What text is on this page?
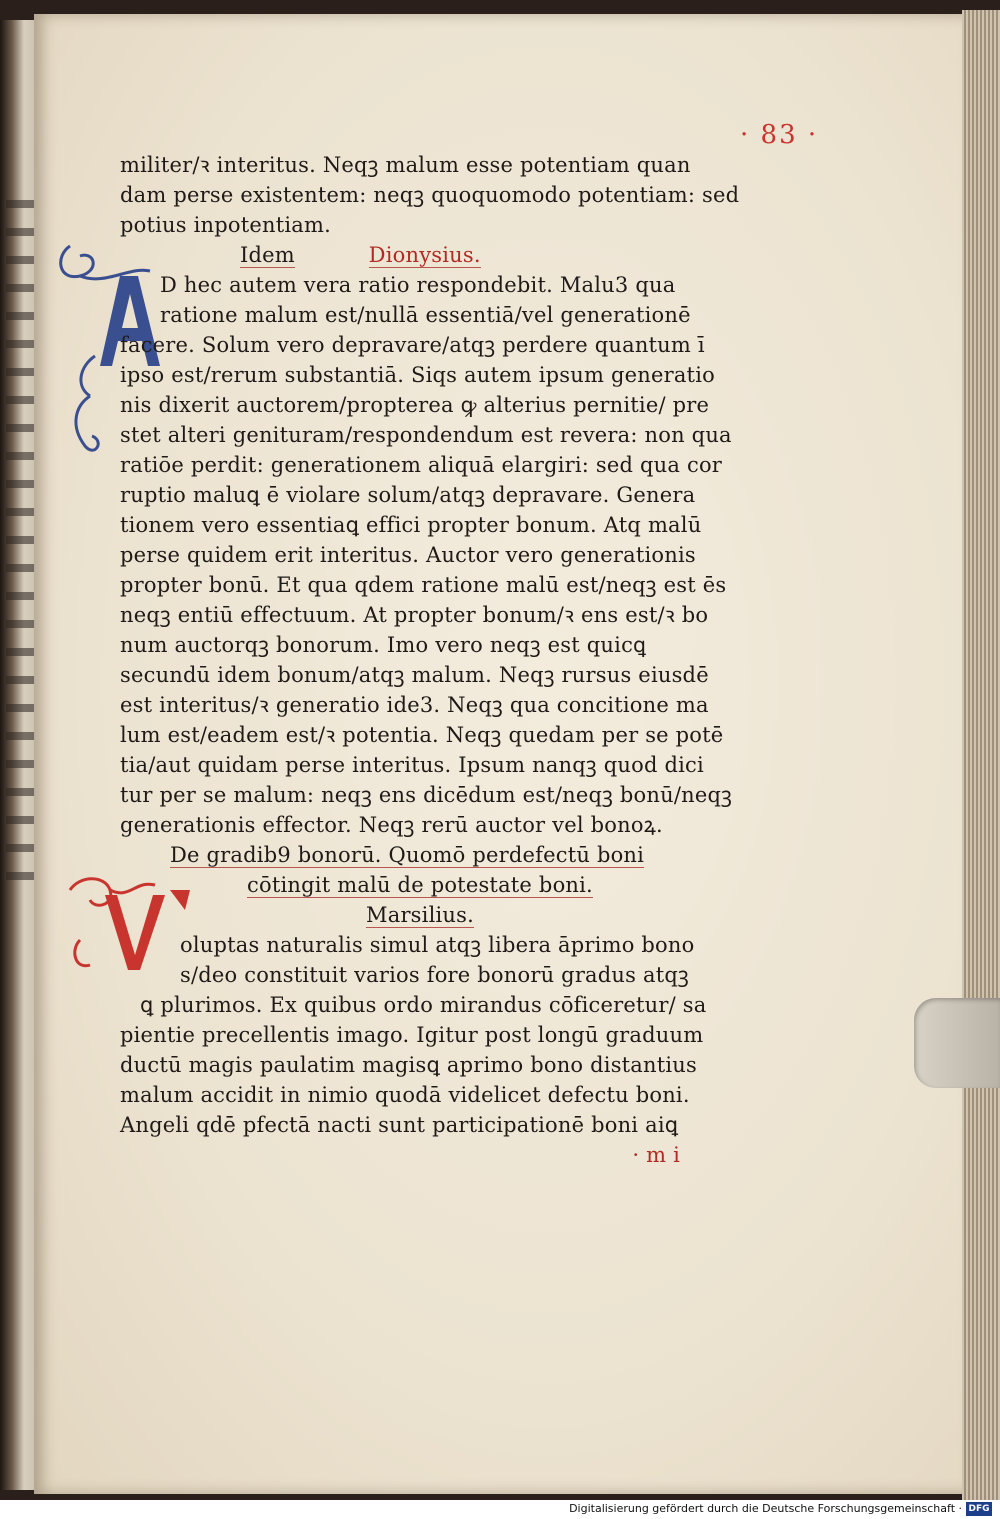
· 83 ·
militer/ꝛ interitus. Neqꝫ malum esse potentiam quan
dam perse existentem: neqꝫ quoquomodo potentiam: sed
potius inpotentiam.
Idem	Dionysius.
D hec autem vera ratio respondebit. Malu3 qua
ratione malum est/nullā essentiā/vel generationē
facere. Solum vero depravare/atqꝫ perdere quantum ī
ipso est/rerum substantiā. Siqs autem ipsum generatio
nis dixerit auctorem/propterea ꝙ alterius pernitie/ pre
stet alteri genituram/respondendum est revera: non qua
ratiōe perdit: generationem aliquā elargiri: sed qua cor
ruptio maluꝗ ē violare solum/atqꝫ depravare. Genera
tionem vero essentiaꝗ effici propter bonum. Atq malū
perse quidem erit interitus. Auctor vero generationis
propter bonū. Et qua qdem ratione malū est/neqꝫ est ēs
neqꝫ entiū effectuum. At propter bonum/ꝛ ens est/ꝛ bo
num auctorqꝫ bonorum. Imo vero neqꝫ est quicꝗ
secundū idem bonum/atqꝫ malum. Neqꝫ rursus eiusdē
est interitus/ꝛ generatio ide3. Neqꝫ qua concitione ma
lum est/eadem est/ꝛ potentia. Neqꝫ quedam per se potē
tia/aut quidam perse interitus. Ipsum nanqꝫ quod dici
tur per se malum: neqꝫ ens dicēdum est/neqꝫ bonū/neqꝫ
generationis effector. Neqꝫ rerū auctor vel bonoꝝ.
De gradib9 bonorū. Quomō perdefectū boni
cōtingit malū de potestate boni.
Marsilius.
oluptas naturalis simul atqꝫ libera āprimo bono
s/deo constituit varios fore bonorū gradus atqꝫ
ꝗ plurimos. Ex quibus ordo mirandus cōficeretur/ sa
pientie precellentis imago. Igitur post longū graduum
ductū magis paulatim magisꝗ aprimo bono distantius
malum accidit in nimio quodā videlicet defectu boni.
Angeli qdē pfectā nacti sunt participationē boni aiꝗ
· m i
Digitalisierung gefördert durch die Deutsche Forschungsgemeinschaft · DFG
